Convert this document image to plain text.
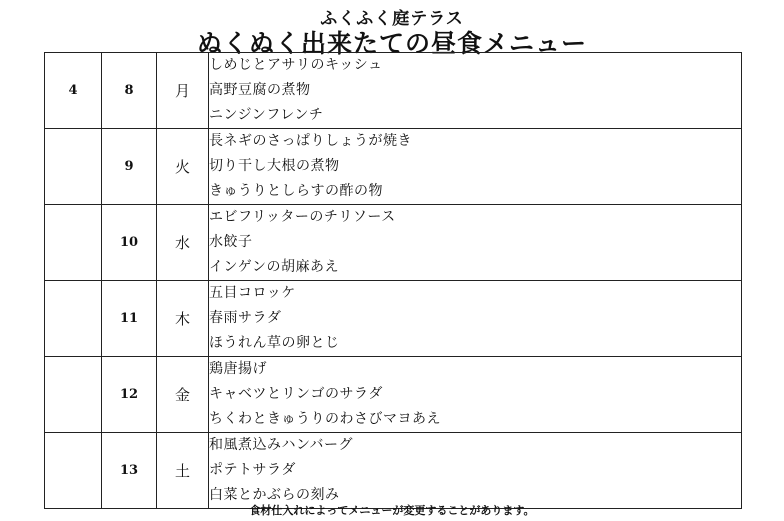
ふくふく庭テラス
ぬくぬく出来たての昼食メニュー
4	8	月	しめじとアサリのキッシュ
高野豆腐の煮物
ニンジンフレンチ

	9	火	長ネギのさっぱりしょうが焼き
切り干し大根の煮物
きゅうりとしらすの酢の物

	10	水	エビフリッターのチリソース
水餃子
インゲンの胡麻あえ

	11	木	五目コロッケ
春雨サラダ
ほうれん草の卵とじ

	12	金	鶏唐揚げ
キャベツとリンゴのサラダ
ちくわときゅうりのわさびマヨあえ

	13	土	和風煮込みハンバーグ
ポテトサラダ
白菜とかぶらの刻み
食材仕入れによってメニューが変更することがあります。
